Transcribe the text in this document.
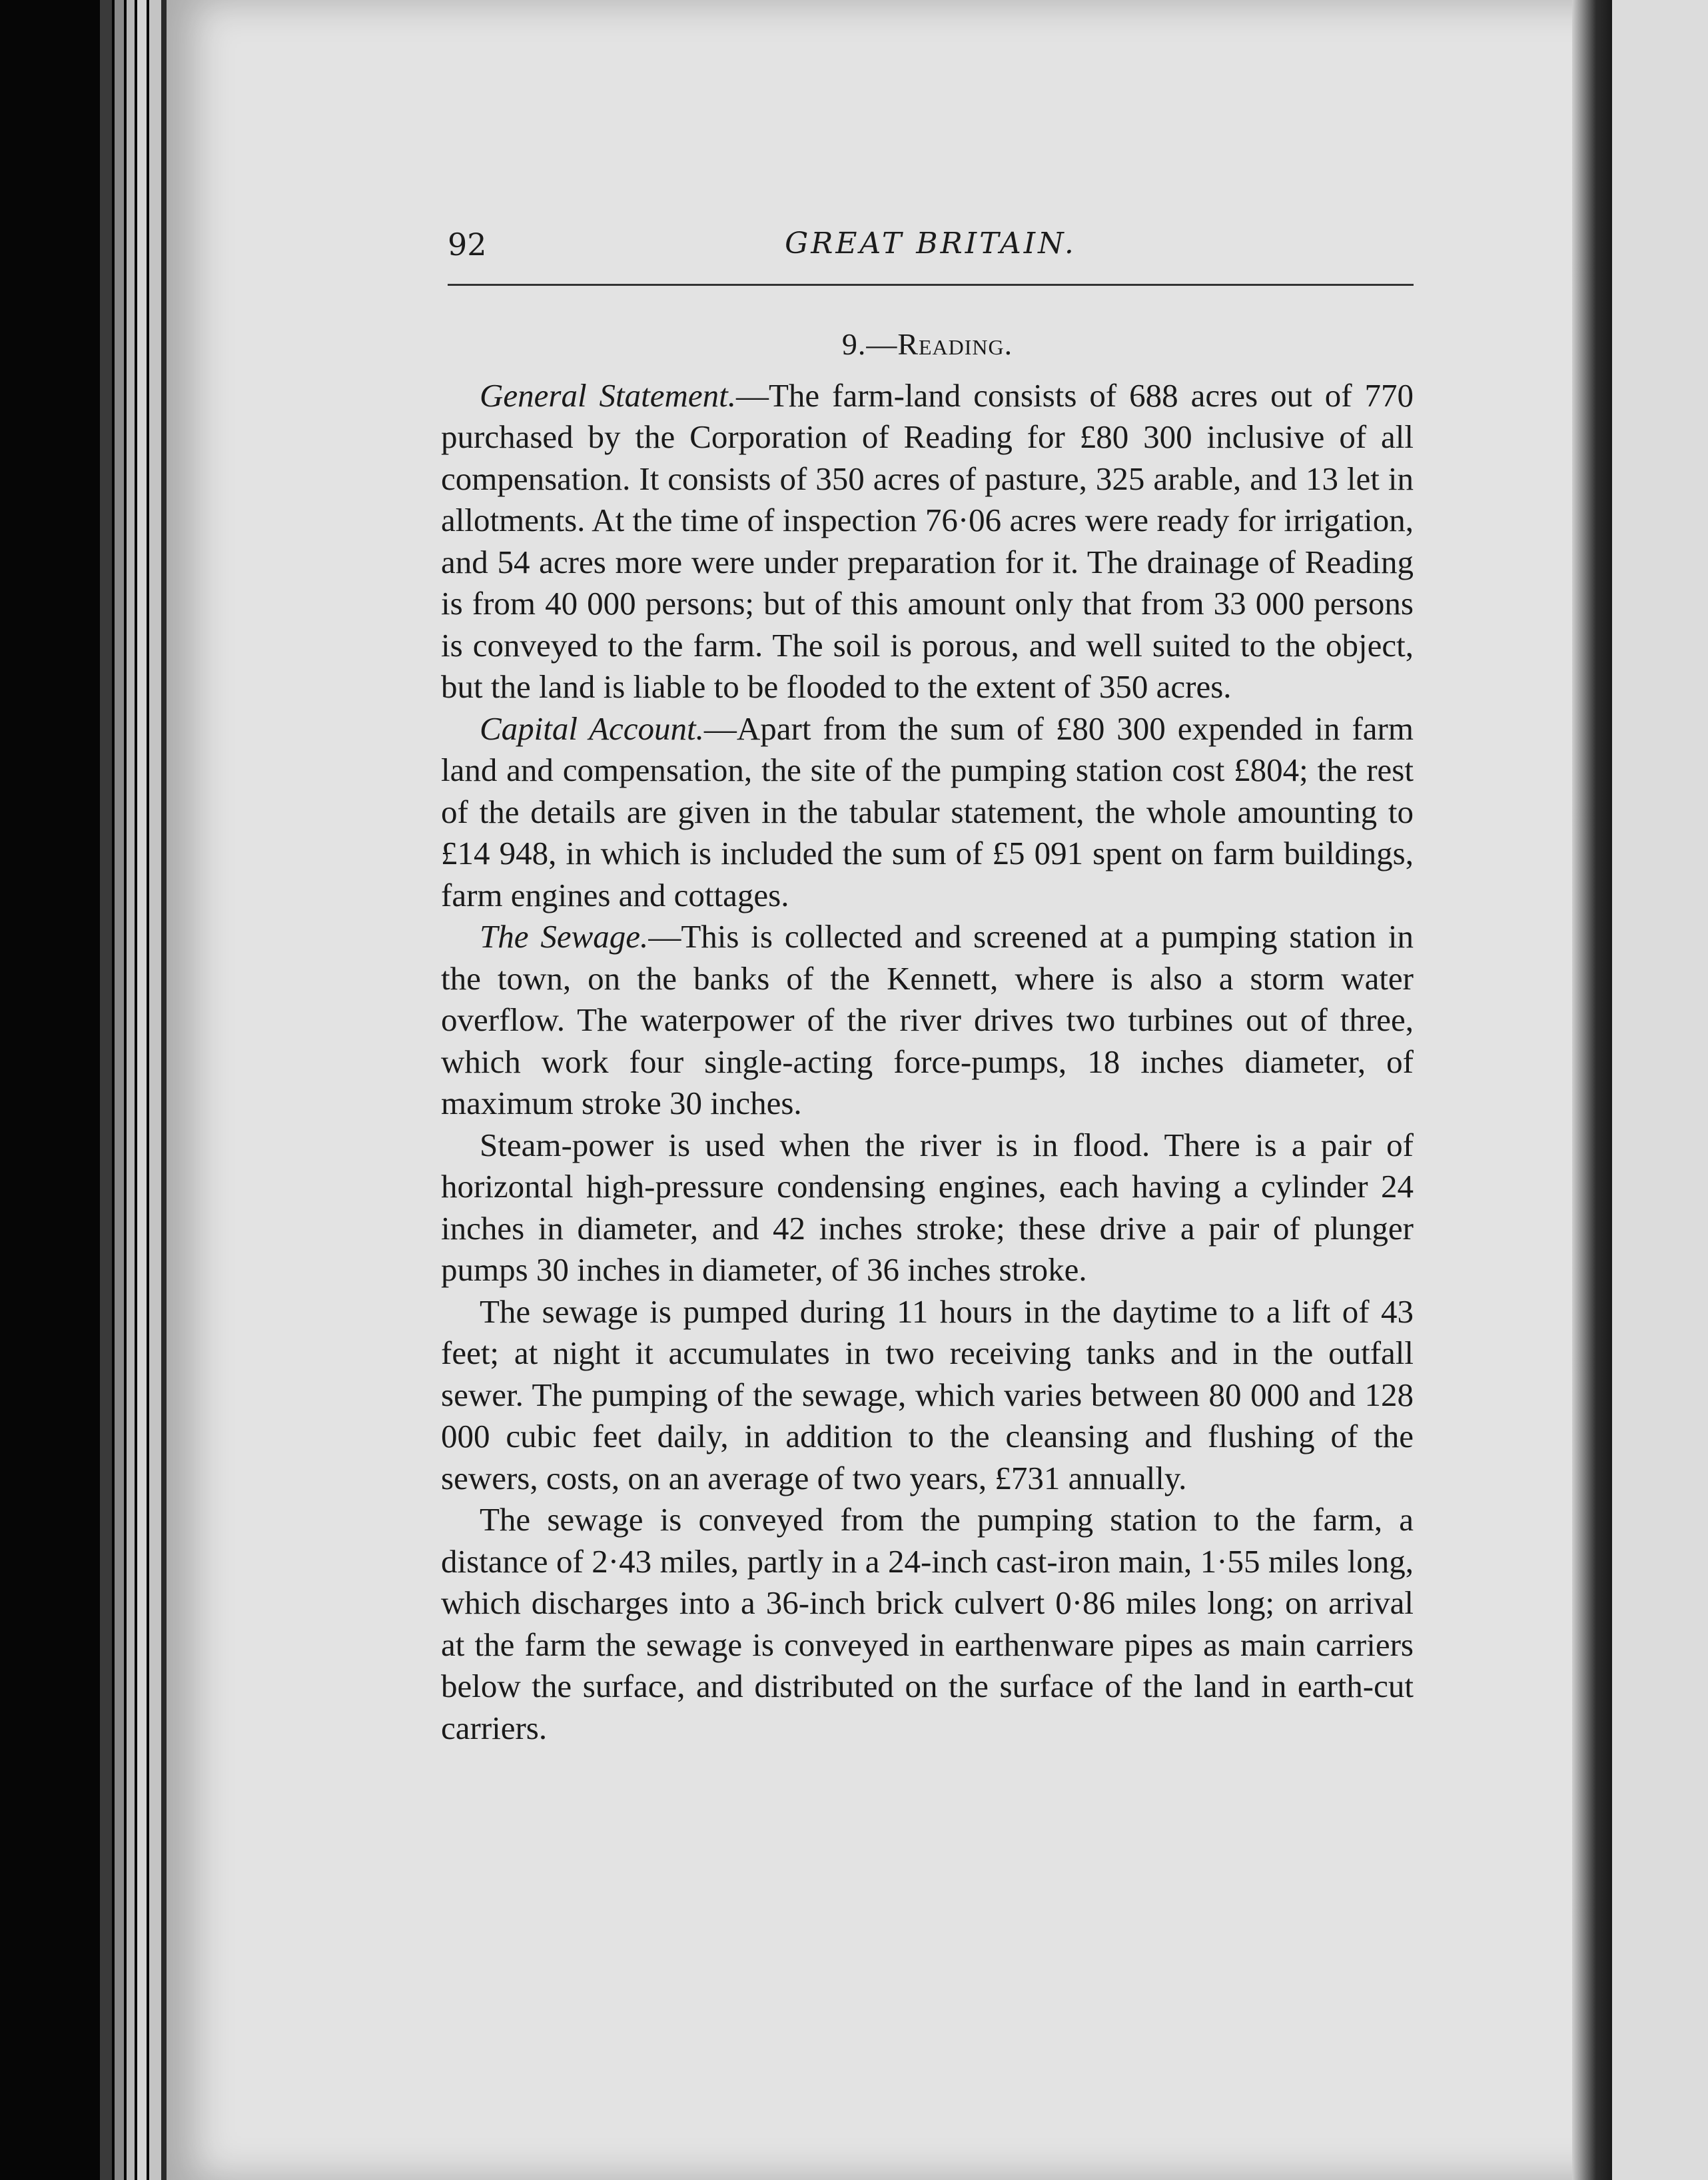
92	GREAT BRITAIN.
9.—Reading.

General Statement.—The farm-land consists of 688 acres out of 770 purchased by the Corporation of Reading for £80 300 inclusive of all compensation. It consists of 350 acres of pasture, 325 arable, and 13 let in allotments. At the time of inspection 76·06 acres were ready for irrigation, and 54 acres more were under preparation for it. The drainage of Reading is from 40 000 persons; but of this amount only that from 33 000 persons is conveyed to the farm. The soil is porous, and well suited to the object, but the land is liable to be flooded to the extent of 350 acres.

Capital Account.—Apart from the sum of £80 300 expended in farm land and compensation, the site of the pumping station cost £804; the rest of the details are given in the tabular statement, the whole amounting to £14 948, in which is included the sum of £5 091 spent on farm buildings, farm engines and cottages.

The Sewage.—This is collected and screened at a pumping station in the town, on the banks of the Kennett, where is also a storm water overflow. The waterpower of the river drives two turbines out of three, which work four single-acting force-pumps, 18 inches diameter, of maximum stroke 30 inches.

Steam-power is used when the river is in flood. There is a pair of horizontal high-pressure condensing engines, each having a cylinder 24 inches in diameter, and 42 inches stroke; these drive a pair of plunger pumps 30 inches in diameter, of 36 inches stroke.

The sewage is pumped during 11 hours in the daytime to a lift of 43 feet; at night it accumulates in two receiving tanks and in the outfall sewer. The pumping of the sewage, which varies between 80 000 and 128 000 cubic feet daily, in addition to the cleansing and flushing of the sewers, costs, on an average of two years, £731 annually.

The sewage is conveyed from the pumping station to the farm, a distance of 2·43 miles, partly in a 24-inch cast-iron main, 1·55 miles long, which discharges into a 36-inch brick culvert 0·86 miles long; on arrival at the farm the sewage is conveyed in earthenware pipes as main carriers below the surface, and distributed on the surface of the land in earth-cut carriers.
